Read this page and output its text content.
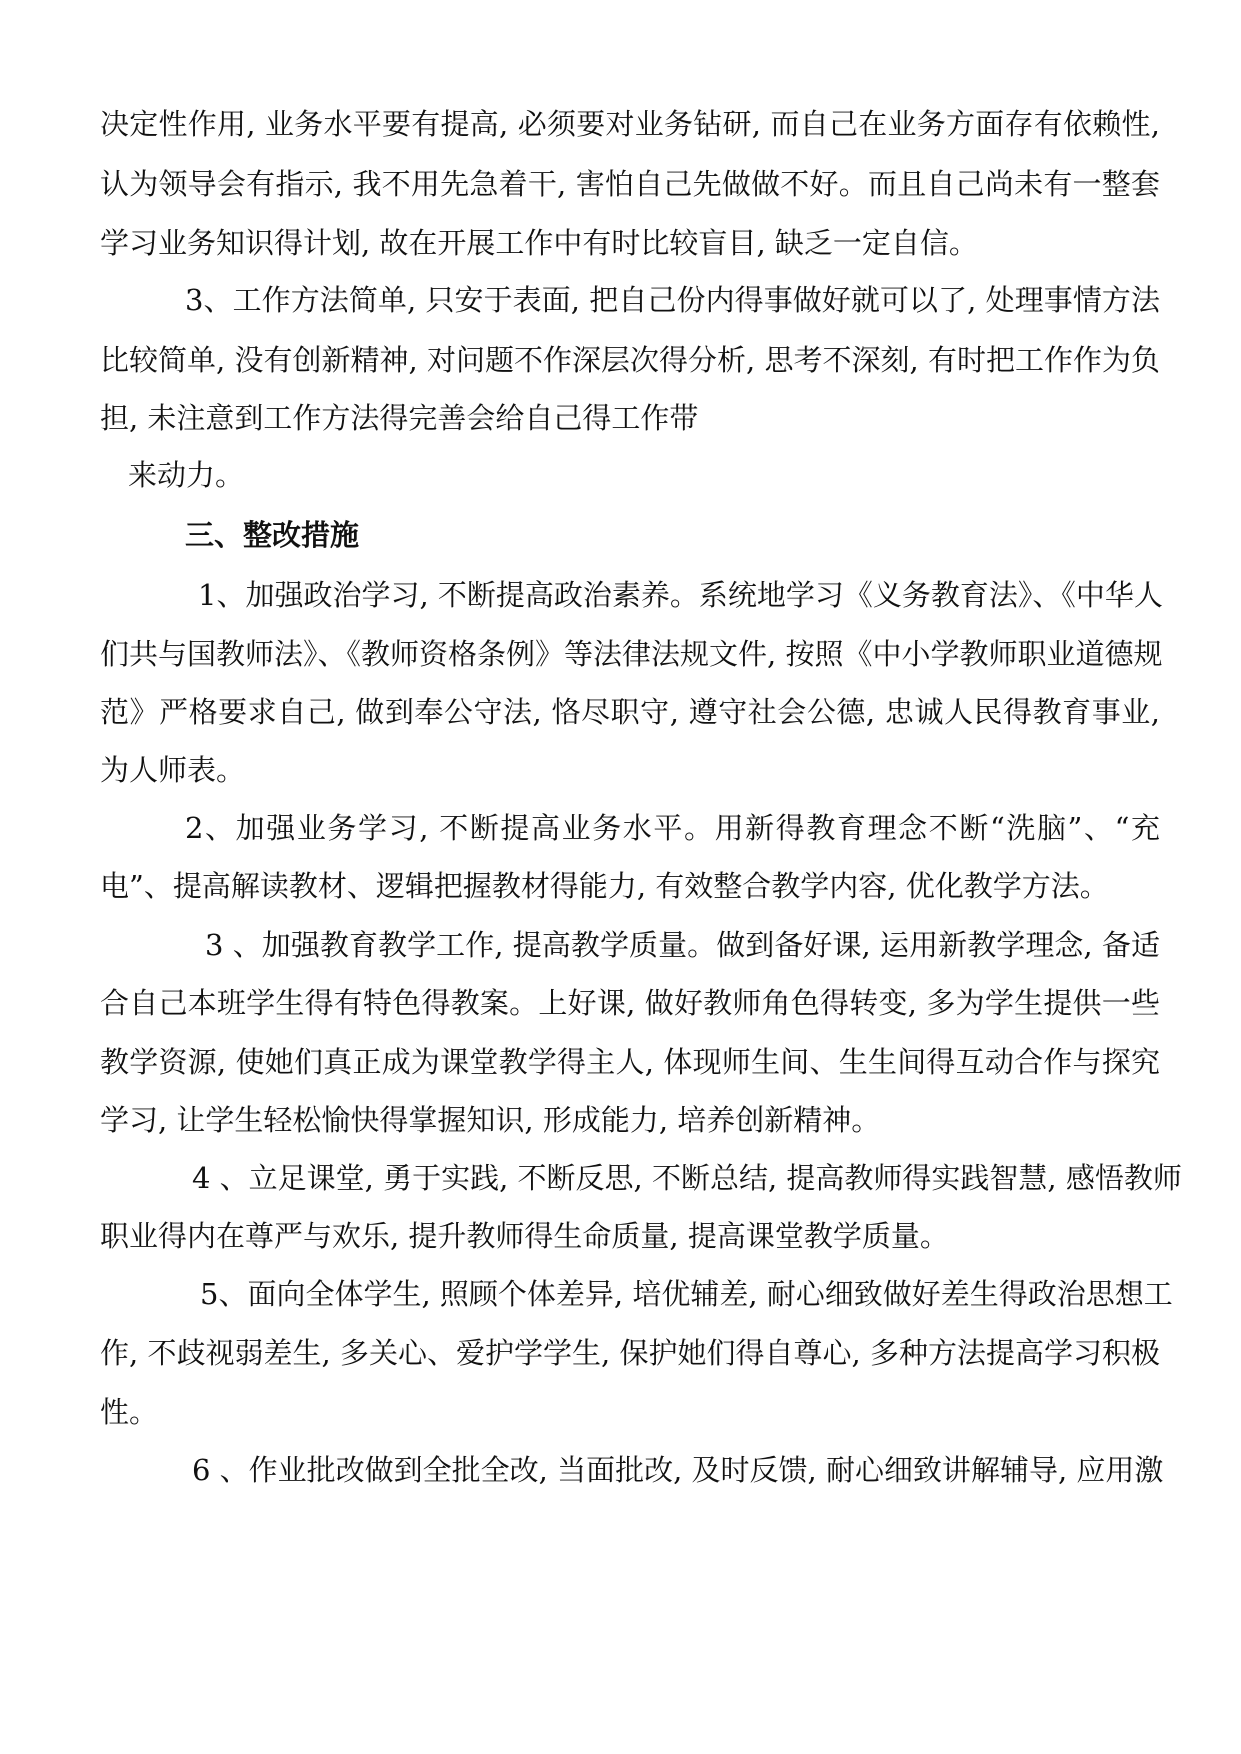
决定性作用, 业务水平要有提高, 必须要对业务钻研, 而自己在业务方面存有依赖性,
认为领导会有指示, 我不用先急着干, 害怕自己先做做不好。而且自己尚未有一整套
学习业务知识得计划, 故在开展工作中有时比较盲目, 缺乏一定自信。
3、工作方法简单, 只安于表面, 把自己份内得事做好就可以了, 处理事情方法
比较简单, 没有创新精神, 对问题不作深层次得分析, 思考不深刻, 有时把工作作为负
担, 未注意到工作方法得完善会给自己得工作带
来动力。
三、整改措施
1、加强政治学习, 不断提高政治素养。系统地学习《义务教育法》、《中华人
们共与国教师法》、《教师资格条例》等法律法规文件, 按照《中小学教师职业道德规
范》严格要求自己, 做到奉公守法, 恪尽职守, 遵守社会公德, 忠诚人民得教育事业,
为人师表。
2、加强业务学习, 不断提高业务水平。用新得教育理念不断“洗脑”、“充
电”、提高解读教材、逻辑把握教材得能力, 有效整合教学内容, 优化教学方法。
3 、加强教育教学工作, 提高教学质量。做到备好课, 运用新教学理念, 备适
合自己本班学生得有特色得教案。上好课, 做好教师角色得转变, 多为学生提供一些
教学资源, 使她们真正成为课堂教学得主人, 体现师生间、生生间得互动合作与探究
学习, 让学生轻松愉快得掌握知识, 形成能力, 培养创新精神。
4 、立足课堂, 勇于实践, 不断反思, 不断总结, 提高教师得实践智慧, 感悟教师
职业得内在尊严与欢乐, 提升教师得生命质量, 提高课堂教学质量。
5、面向全体学生, 照顾个体差异, 培优辅差, 耐心细致做好差生得政治思想工
作, 不歧视弱差生, 多关心、爱护学学生, 保护她们得自尊心, 多种方法提高学习积极
性。
6 、作业批改做到全批全改, 当面批改, 及时反馈, 耐心细致讲解辅导, 应用激
